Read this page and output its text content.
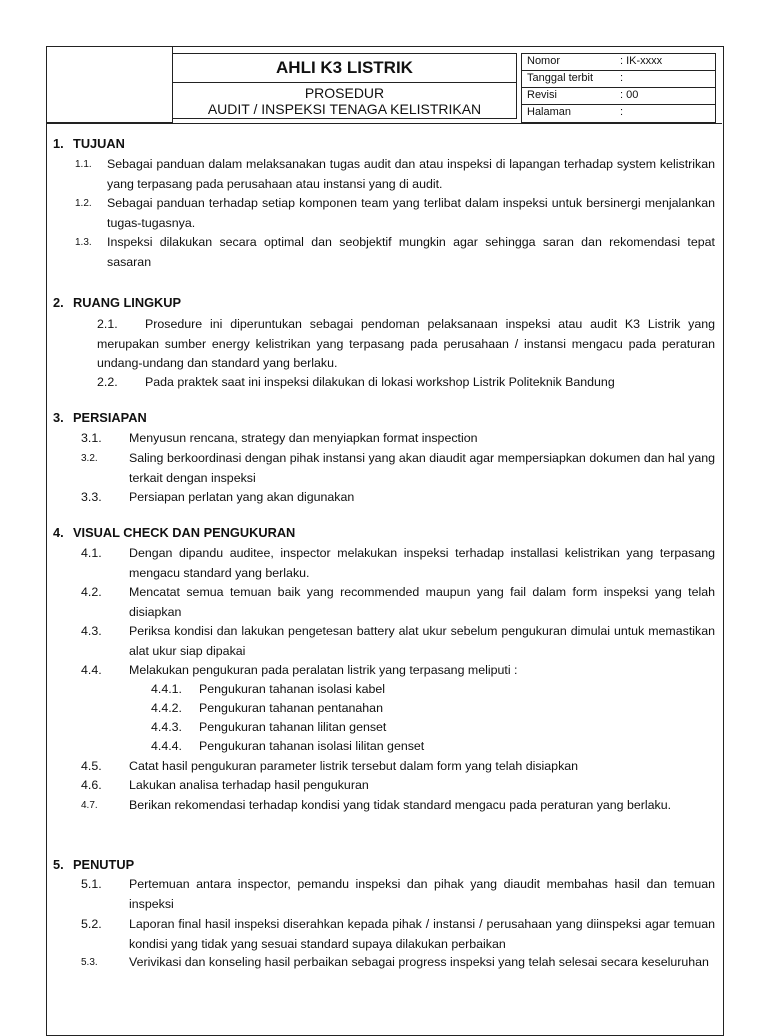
AHLI K3 LISTRIK
PROSEDUR
AUDIT / INSPEKSI TENAGA KELISTRIKAN
Nomor	: IK-xxxx
Tanggal terbit :
Revisi	: 00
Halaman	:
1. TUJUAN
1.1.	Sebagai panduan dalam melaksanakan tugas audit dan atau inspeksi di lapangan terhadap system kelistrikan yang terpasang pada perusahaan atau instansi yang di audit.
1.2.	Sebagai panduan terhadap setiap komponen team yang terlibat dalam inspeksi untuk bersinergi menjalankan tugas-tugasnya.
1.3.	Inspeksi dilakukan secara optimal dan seobjektif mungkin agar sehingga saran dan rekomendasi tepat sasaran
2. RUANG LINGKUP
2.1. Prosedure ini diperuntukan sebagai pendoman pelaksanaan inspeksi atau audit K3 Listrik yang merupakan sumber energy kelistrikan yang terpasang pada perusahaan / instansi mengacu pada peraturan undang-undang dan standard yang berlaku.
2.2.	Pada praktek saat ini inspeksi dilakukan di lokasi workshop Listrik Politeknik Bandung
3. PERSIAPAN
3.1.	Menyusun rencana, strategy dan menyiapkan format inspection
3.2.	Saling berkoordinasi dengan pihak instansi yang akan diaudit agar mempersiapkan dokumen dan hal yang terkait dengan inspeksi
3.3.	Persiapan perlatan yang akan digunakan
4. VISUAL CHECK DAN PENGUKURAN
4.1.	Dengan dipandu auditee, inspector melakukan inspeksi terhadap installasi kelistrikan yang terpasang mengacu standard yang berlaku.
4.2.	Mencatat semua temuan baik yang recommended maupun yang fail dalam form inspeksi yang telah disiapkan
4.3.	Periksa kondisi dan lakukan pengetesan battery alat ukur sebelum pengukuran dimulai untuk memastikan alat ukur siap dipakai
4.4.	Melakukan pengukuran pada peralatan listrik yang terpasang meliputi :
4.4.1.	Pengukuran tahanan isolasi kabel
4.4.2.	Pengukuran tahanan pentanahan
4.4.3.	Pengukuran tahanan lilitan genset
4.4.4.	Pengukuran tahanan isolasi lilitan genset
4.5.	Catat hasil pengukuran parameter listrik tersebut dalam form yang telah disiapkan
4.6.	Lakukan analisa terhadap hasil pengukuran
4.7.	Berikan rekomendasi terhadap kondisi yang tidak standard mengacu pada peraturan yang berlaku.
5. PENUTUP
5.1.	Pertemuan antara inspector, pemandu inspeksi dan pihak yang diaudit membahas hasil dan temuan inspeksi
5.2.	Laporan final hasil inspeksi diserahkan kepada pihak / instansi / perusahaan yang diinspeksi agar temuan kondisi yang tidak yang sesuai standard supaya dilakukan perbaikan
5.3.	Verivikasi dan konseling hasil perbaikan sebagai progress inspeksi yang telah selesai secara keseluruhan
